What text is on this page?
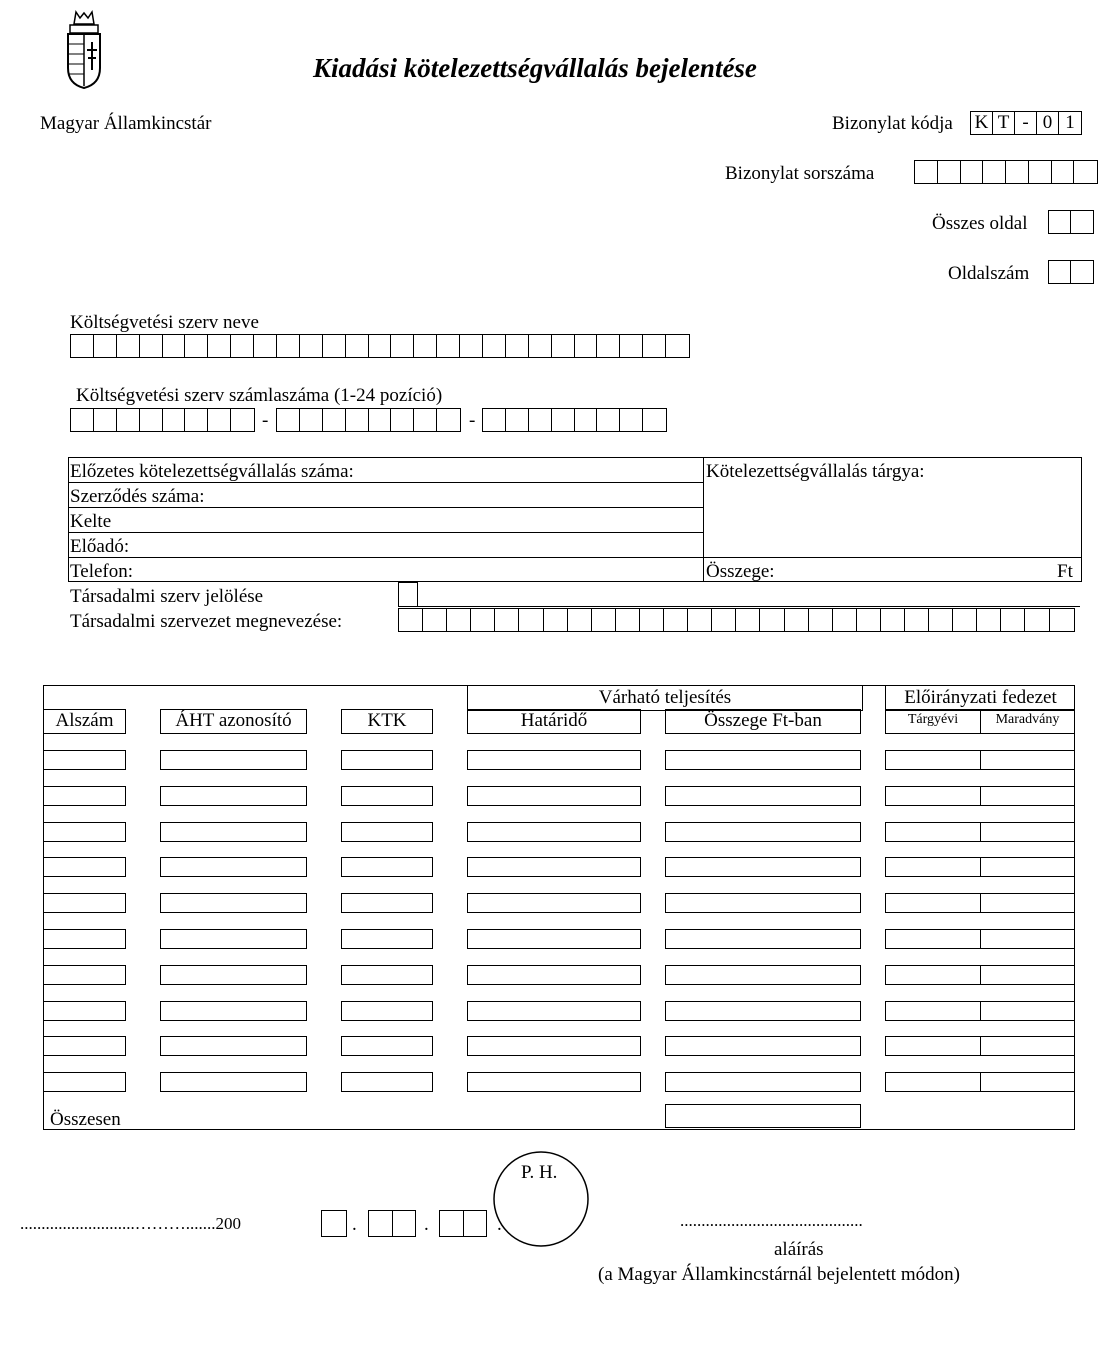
Kiadási kötelezettségvállalás bejelentése
Magyar Államkincstár	Bizonylat kódja K T - 0 1
Bizonylat sorszáma
Összes oldal
Oldalszám
Költségvetési szerv neve
Költségvetési szerv számlaszáma (1-24 pozíció)
-	-
Előzetes kötelezettségvállalás száma:
Szerződés száma:
Kelte
Előadó:
Telefon:
Kötelezettségvállalás tárgya:
Összege:	Ft
Társadalmi szerv jelölése
Társadalmi szervezet megnevezése:
Várható teljesítés	Előirányzati fedezet
Alszám	ÁHT azonosító	KTK	Határidő	Összege Ft-ban	Tárgyévi	Maradvány
Összesen
...........................……….......200	.	.	.
P. H.
...........................................
aláírás
(a Magyar Államkincstárnál bejelentett módon)
